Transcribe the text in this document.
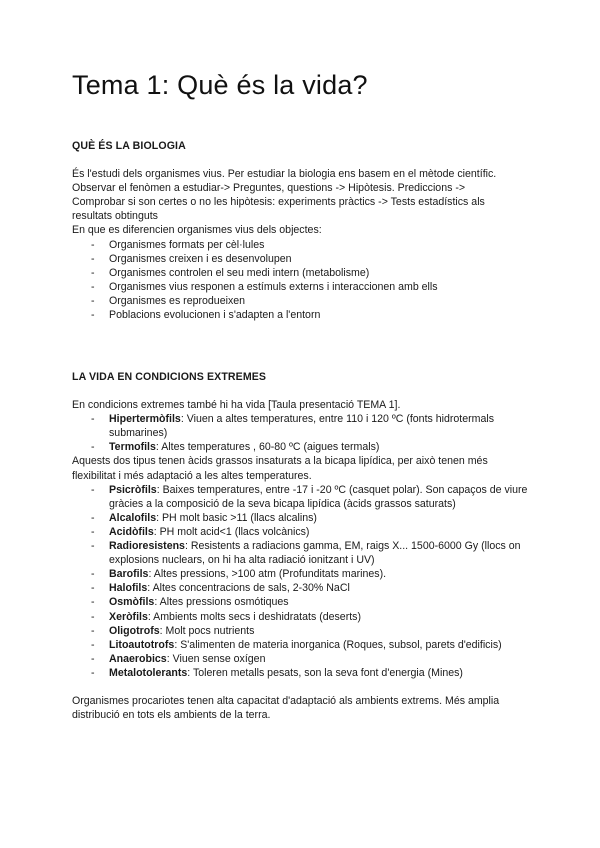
Tema 1: Què és la vida?
QUÈ ÉS LA BIOLOGIA

És l'estudi dels organismes vius. Per estudiar la biologia ens basem en el mètode científic.

Observar el fenòmen a estudiar-> Preguntes, questions -> Hipòtesis. Prediccions ->

Comprobar si son certes o no les hipòtesis: experiments pràctics -> Tests estadístics als

resultats obtinguts

En que es diferencien organismes vius dels objectes:

- Organismes formats per cèl·lules
- Organismes creixen i es desenvolupen
- Organismes controlen el seu medi intern (metabolisme)
- Organismes vius responen a estímuls externs i interaccionen amb ells
- Organismes es reprodueixen
- Poblacions evolucionen i s'adapten a l'entorn
LA VIDA EN CONDICIONS EXTREMES

En condicions extremes també hi ha vida [Taula presentació TEMA 1].

- Hipertermòfils: Viuen a altes temperatures, entre 110 i 120 ºC (fonts hidrotermals submarines)
- Termofils: Altes temperatures , 60-80 ºC (aigues termals)

Aquests dos tipus tenen àcids grassos insaturats a la bicapa lipídica, per això tenen més

flexibilitat i més adaptació a les altes temperatures.

- Psicròfils: Baixes temperatures, entre -17 i -20 ºC (casquet polar). Son capaços de viure gràcies a la composició de la seva bicapa lipídica (àcids grassos saturats)
- Alcalofils: PH molt basic >11 (llacs alcalins)
- Acidòfils: PH molt acid<1 (llacs volcànics)
- Radioresistens: Resistents a radiacions gamma, EM, raigs X... 1500-6000 Gy (llocs on explosions nuclears, on hi ha alta radiació ionitzant i UV)
- Barofils: Altes pressions, >100 atm (Profunditats marines).
- Halofils: Altes concentracions de sals, 2-30% NaCl
- Osmòfils: Altes pressions osmótiques
- Xeròfils: Ambients molts secs i deshidratats (deserts)
- Oligotrofs: Molt pocs nutrients
- Litoautotrofs: S'alimenten de materia inorganica (Roques, subsol, parets d'edificis)
- Anaerobics: Viuen sense oxígen
- Metalotolerants: Toleren metalls pesats, son la seva font d'energia (Mines)

Organismes procariotes tenen alta capacitat d'adaptació als ambients extrems. Més amplia

distribució en tots els ambients de la terra.
